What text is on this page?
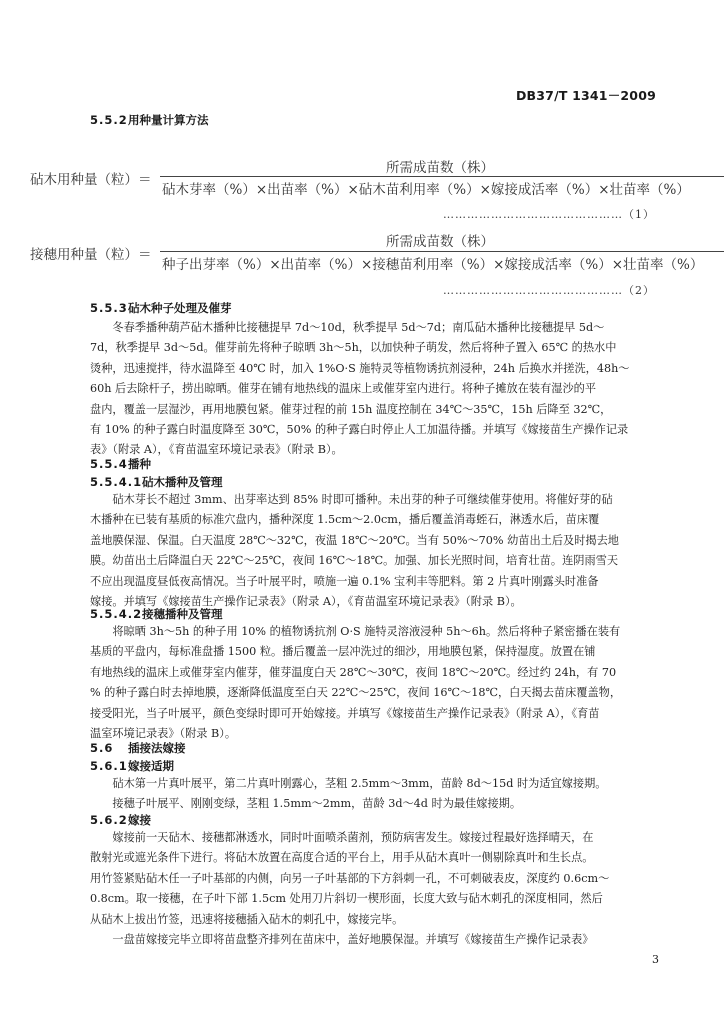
DB37/T 1341－2009
5.5.2用种量计算方法
所需成苗数（株）
砧木用种量（粒）＝
砧木芽率（%）×出苗率（%）×砧木苗利用率（%）×嫁接成活率（%）×壮苗率（%）
………………………………………（1）
所需成苗数（株）
接穗用种量（粒）＝
种子出芽率（%）×出苗率（%）×接穗苗利用率（%）×嫁接成活率（%）×壮苗率（%）
………………………………………（2）
5.5.3砧木种子处理及催芽
　　冬春季播种葫芦砧木播种比接穗提早 7d～10d，秋季提早 5d～7d；南瓜砧木播种比接穗提早 5d～
7d，秋季提早 3d～5d。催芽前先将种子晾晒 3h～5h，以加快种子萌发，然后将种子置入 65℃ 的热水中
烫种，迅速搅拌，待水温降至 40℃ 时，加入 1%O·S 施特灵等植物诱抗剂浸种，24h 后换水并搓洗，48h～
60h 后去除杆子，捞出晾晒。催芽在铺有地热线的温床上或催芽室内进行。将种子摊放在装有湿沙的平
盘内，覆盖一层湿沙，再用地膜包紧。催芽过程的前 15h 温度控制在 34℃～35℃，15h 后降至 32℃，
有 10% 的种子露白时温度降至 30℃，50% 的种子露白时停止人工加温待播。并填写《嫁接苗生产操作记录
表》（附录 A），《育苗温室环境记录表》（附录 B）。
5.5.4播种
5.5.4.1砧木播种及管理
　　砧木芽长不超过 3mm、出芽率达到 85% 时即可播种。未出芽的种子可继续催芽使用。将催好芽的砧
木播种在已装有基质的标准穴盘内，播种深度 1.5cm～2.0cm，播后覆盖消毒蛭石，淋透水后，苗床覆
盖地膜保湿、保温。白天温度 28℃～32℃，夜温 18℃～20℃。当有 50%～70% 幼苗出土后及时揭去地
膜。幼苗出土后降温白天 22℃～25℃，夜间 16℃～18℃。加强、加长光照时间，培育壮苗。连阴雨雪天
不应出现温度昼低夜高情况。当子叶展平时，喷施一遍 0.1% 宝利丰等肥料。第 2 片真叶刚露头时准备
嫁接。并填写《嫁接苗生产操作记录表》（附录 A），《育苗温室环境记录表》（附录 B）。
5.5.4.2接穗播种及管理
　　将晾晒 3h～5h 的种子用 10% 的植物诱抗剂 O·S 施特灵溶液浸种 5h～6h。然后将种子紧密播在装有
基质的平盘内，每标准盘播 1500 粒。播后覆盖一层冲洗过的细沙，用地膜包紧，保持湿度。放置在铺
有地热线的温床上或催芽室内催芽，催芽温度白天 28℃～30℃，夜间 18℃～20℃。经过约 24h，有 70
% 的种子露白时去掉地膜，逐渐降低温度至白天 22℃～25℃，夜间 16℃～18℃，白天揭去苗床覆盖物，
接受阳光，当子叶展平，颜色变绿时即可开始嫁接。并填写《嫁接苗生产操作记录表》（附录 A），《育苗
温室环境记录表》（附录 B）。
5.6 插接法嫁接
5.6.1嫁接适期
　　砧木第一片真叶展平，第二片真叶刚露心，茎粗 2.5mm～3mm，苗龄 8d～15d 时为适宜嫁接期。
　　接穗子叶展平、刚刚变绿，茎粗 1.5mm～2mm，苗龄 3d～4d 时为最佳嫁接期。
5.6.2嫁接
　　嫁接前一天砧木、接穗都淋透水，同时叶面喷杀菌剂，预防病害发生。嫁接过程最好选择晴天，在
散射光或遮光条件下进行。将砧木放置在高度合适的平台上，用手从砧木真叶一侧剔除真叶和生长点。
用竹签紧贴砧木任一子叶基部的内侧，向另一子叶基部的下方斜刺一孔，不可刺破表皮，深度约 0.6cm～
0.8cm。取一接穗，在子叶下部 1.5cm 处用刀片斜切一楔形面，长度大致与砧木刺孔的深度相同，然后
从砧木上拔出竹签，迅速将接穗插入砧木的刺孔中，嫁接完毕。
　　一盘苗嫁接完毕立即将苗盘整齐排列在苗床中，盖好地膜保湿。并填写《嫁接苗生产操作记录表》
3
